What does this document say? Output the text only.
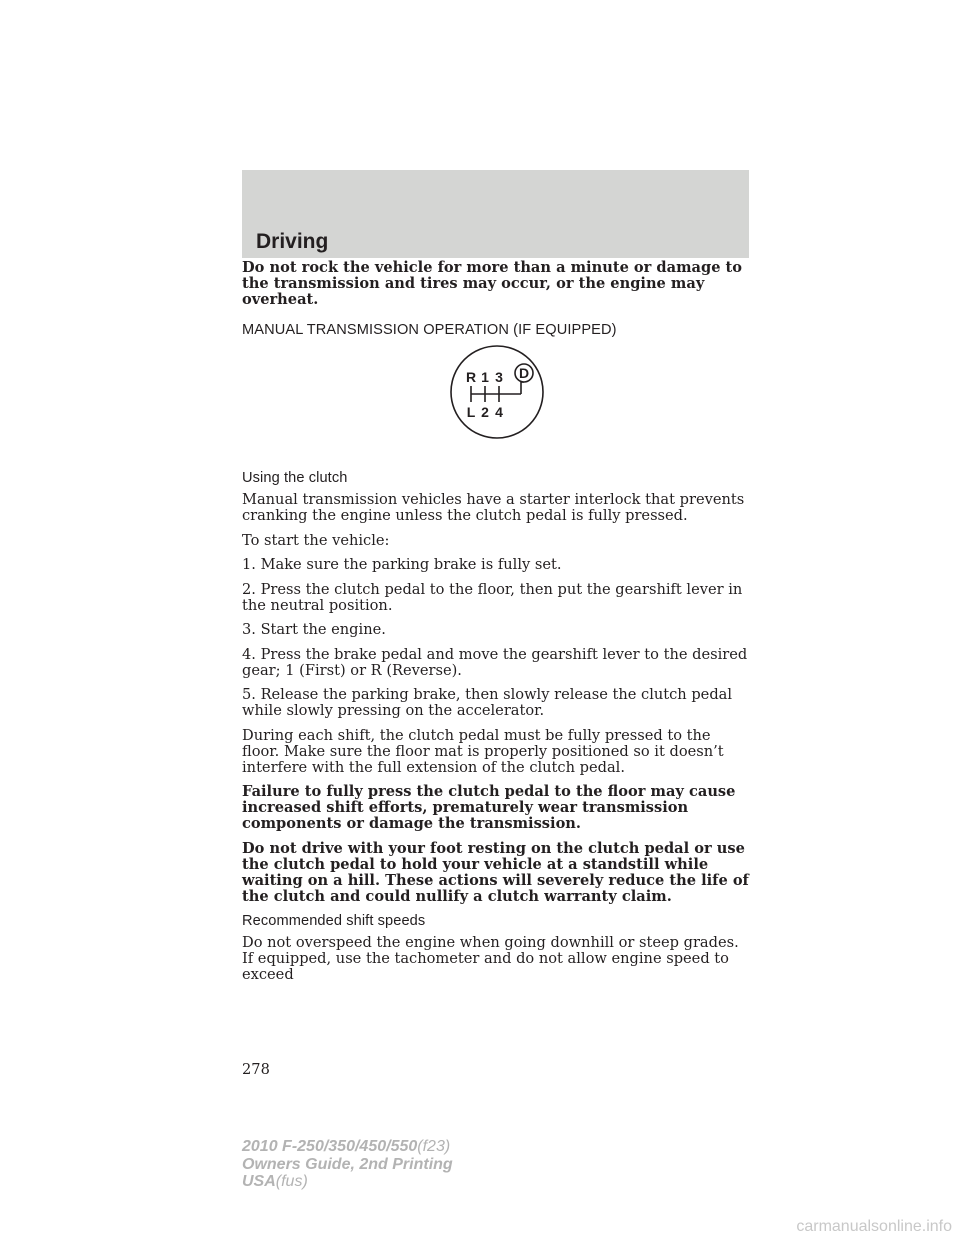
Driving

Do not rock the vehicle for more than a minute or damage to the transmission and tires may occur, or the engine may overheat.

MANUAL TRANSMISSION OPERATION (IF EQUIPPED)
D
R 1 3
L 2 4
Using the clutch

Manual transmission vehicles have a starter interlock that prevents cranking the engine unless the clutch pedal is fully pressed.

To start the vehicle:

1. Make sure the parking brake is fully set.

2. Press the clutch pedal to the floor, then put the gearshift lever in the neutral position.

3. Start the engine.

4. Press the brake pedal and move the gearshift lever to the desired gear; 1 (First) or R (Reverse).

5. Release the parking brake, then slowly release the clutch pedal while slowly pressing on the accelerator.

During each shift, the clutch pedal must be fully pressed to the floor. Make sure the floor mat is properly positioned so it doesn’t interfere with the full extension of the clutch pedal.

Failure to fully press the clutch pedal to the floor may cause increased shift efforts, prematurely wear transmission components or damage the transmission.

Do not drive with your foot resting on the clutch pedal or use the clutch pedal to hold your vehicle at a standstill while waiting on a hill. These actions will severely reduce the life of the clutch and could nullify a clutch warranty claim.

Recommended shift speeds

Do not overspeed the engine when going downhill or steep grades. If equipped, use the tachometer and do not allow engine speed to exceed

278
2010 F-250/350/450/550(f23)
Owners Guide, 2nd Printing
USA(fus)
carmanualsonline.info
